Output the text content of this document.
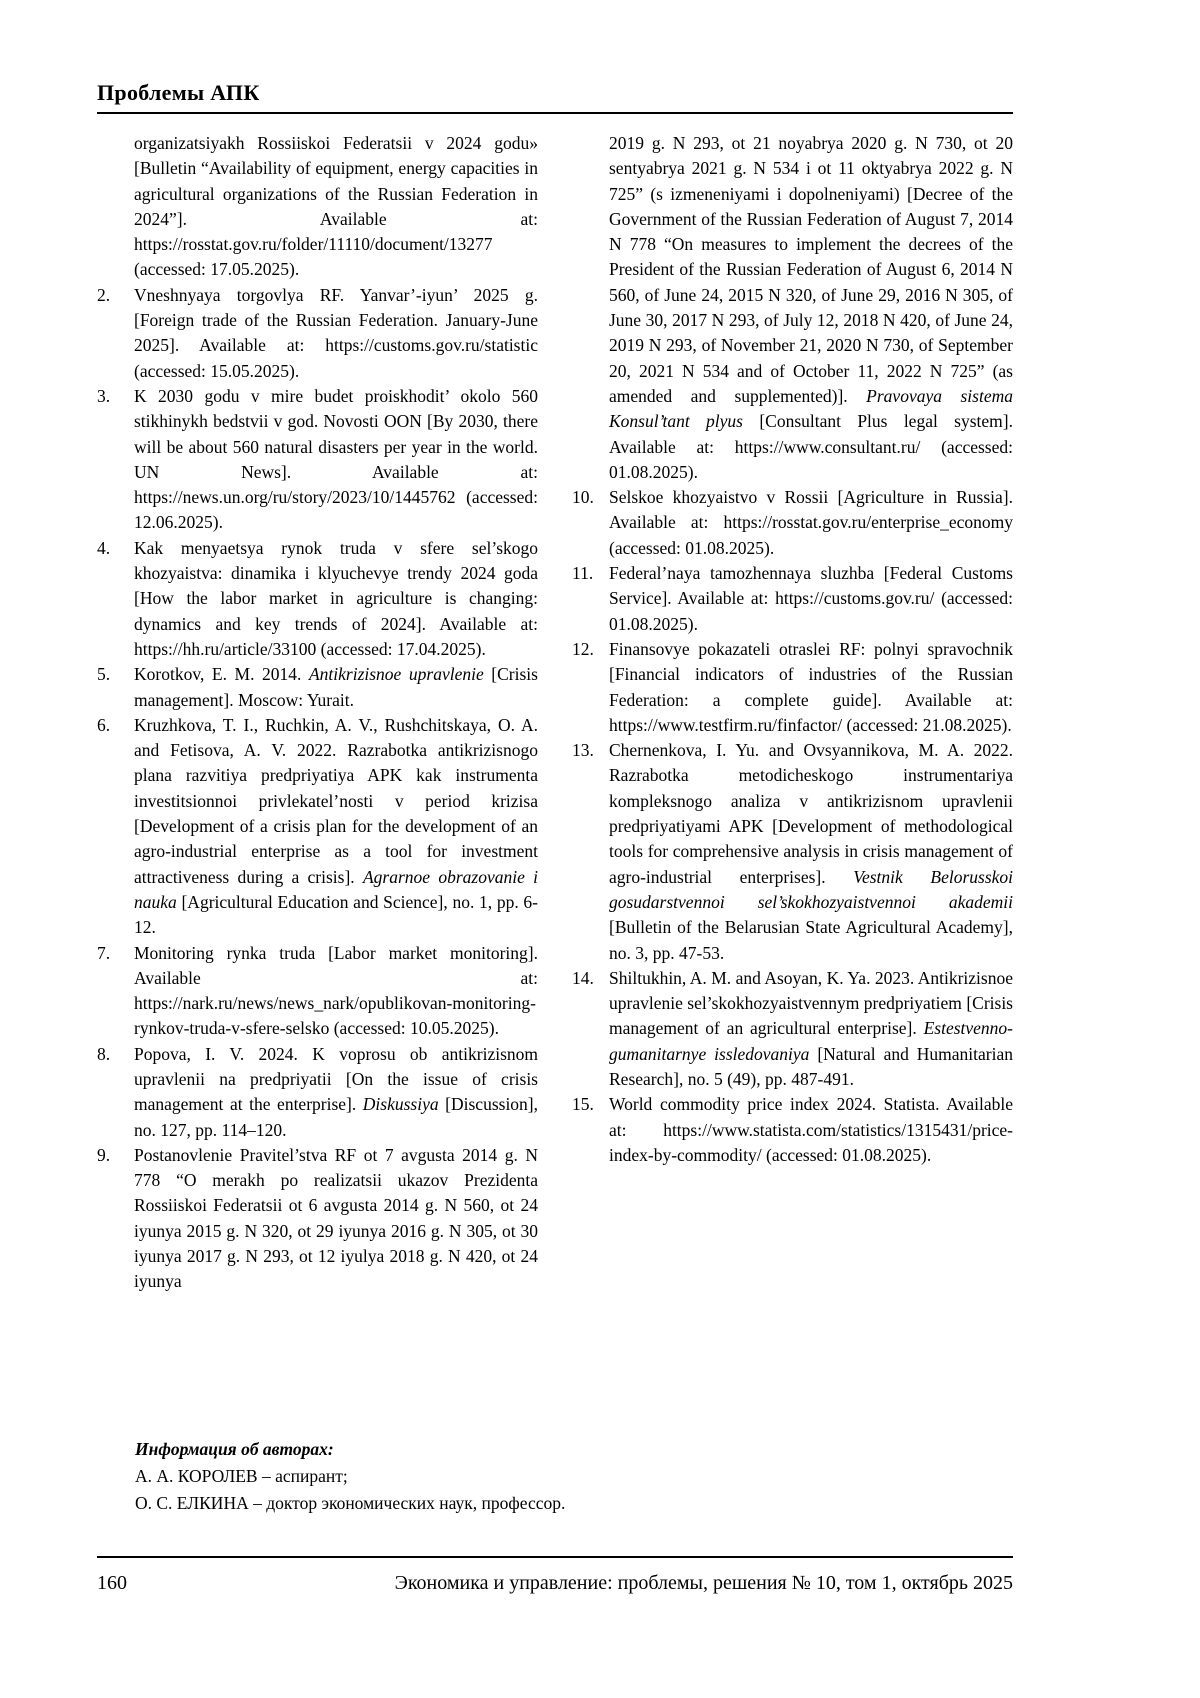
Проблемы АПК
organizatsiyakh Rossiiskoi Federatsii v 2024 godu» [Bulletin “Availability of equipment, energy capacities in agricultural organizations of the Russian Federation in 2024”]. Available at: https://rosstat.gov.ru/folder/11110/document/13277 (accessed: 17.05.2025).
2. Vneshnyaya torgovlya RF. Yanvar’-iyun’ 2025 g. [Foreign trade of the Russian Federation. January-June 2025]. Available at: https://customs.gov.ru/statistic (accessed: 15.05.2025).
3. K 2030 godu v mire budet proiskhodit’ okolo 560 stikhinykh bedstvii v god. Novosti OON [By 2030, there will be about 560 natural disasters per year in the world. UN News]. Available at: https://news.un.org/ru/story/2023/10/1445762 (accessed: 12.06.2025).
4. Kak menyaetsya rynok truda v sfere sel’skogo khozyaistva: dinamika i klyuchevye trendy 2024 goda [How the labor market in agriculture is changing: dynamics and key trends of 2024]. Available at: https://hh.ru/article/33100 (accessed: 17.04.2025).
5. Korotkov, E. M. 2014. Antikrizisnoe upravlenie [Crisis management]. Moscow: Yurait.
6. Kruzhkova, T. I., Ruchkin, A. V., Rushchitskaya, O. A. and Fetisova, A. V. 2022. Razrabotka antikrizisnogo plana razvitiya predpriyatiya APK kak instrumenta investitsionnoi privlekatel’nosti v period krizisa [Development of a crisis plan for the development of an agro-industrial enterprise as a tool for investment attractiveness during a crisis]. Agrarnoe obrazovanie i nauka [Agricultural Education and Science], no. 1, pp. 6-12.
7. Monitoring rynka truda [Labor market monitoring]. Available at: https://nark.ru/news/news_nark/opublikovan-monitoring-rynkov-truda-v-sfere-selsko (accessed: 10.05.2025).
8. Popova, I. V. 2024. K voprosu ob antikrizisnom upravlenii na predpriyatii [On the issue of crisis management at the enterprise]. Diskussiya [Discussion], no. 127, pp. 114–120.
9. Postanovlenie Pravitel’stva RF ot 7 avgusta 2014 g. N 778 “O merakh po realizatsii ukazov Prezidenta Rossiiskoi Federatsii ot 6 avgusta 2014 g. N 560, ot 24 iyunya 2015 g. N 320, ot 29 iyunya 2016 g. N 305, ot 30 iyunya 2017 g. N 293, ot 12 iyulya 2018 g. N 420, ot 24 iyunya
2019 g. N 293, ot 21 noyabrya 2020 g. N 730, ot 20 sentyabrya 2021 g. N 534 i ot 11 oktyabrya 2022 g. N 725” (s izmeneniyami i dopolneniyami) [Decree of the Government of the Russian Federation of August 7, 2014 N 778 “On measures to implement the decrees of the President of the Russian Federation of August 6, 2014 N 560, of June 24, 2015 N 320, of June 29, 2016 N 305, of June 30, 2017 N 293, of July 12, 2018 N 420, of June 24, 2019 N 293, of November 21, 2020 N 730, of September 20, 2021 N 534 and of October 11, 2022 N 725” (as amended and supplemented)]. Pravovaya sistema Konsul’tant plyus [Consultant Plus legal system]. Available at: https://www.consultant.ru/ (accessed: 01.08.2025).
10. Selskoe khozyaistvo v Rossii [Agriculture in Russia]. Available at: https://rosstat.gov.ru/enterprise_economy (accessed: 01.08.2025).
11. Federal’naya tamozhennaya sluzhba [Federal Customs Service]. Available at: https://customs.gov.ru/ (accessed: 01.08.2025).
12. Finansovye pokazateli otraslei RF: polnyi spravochnik [Financial indicators of industries of the Russian Federation: a complete guide]. Available at: https://www.testfirm.ru/finfactor/ (accessed: 21.08.2025).
13. Chernenkova, I. Yu. and Ovsyannikova, M. A. 2022. Razrabotka metodicheskogo instrumentariya kompleksnogo analiza v antikrizisnom upravlenii predpriyatiyami APK [Development of methodological tools for comprehensive analysis in crisis management of agro-industrial enterprises]. Vestnik Belorusskoi gosudarstvennoi sel’skokhozyaistvennoi akademii [Bulletin of the Belarusian State Agricultural Academy], no. 3, pp. 47-53.
14. Shiltukhin, A. M. and Asoyan, K. Ya. 2023. Antikrizisnoe upravlenie sel’skokhozyaistvennym predpriyatiem [Crisis management of an agricultural enterprise]. Estestvenno-gumanitarnye issledovaniya [Natural and Humanitarian Research], no. 5 (49), pp. 487-491.
15. World commodity price index 2024. Statista. Available at: https://www.statista.com/statistics/1315431/price-index-by-commodity/ (accessed: 01.08.2025).
Информация об авторах:
А. А. КОРОЛЕВ – аспирант;
О. С. ЕЛКИНА – доктор экономических наук, профессор.
160	Экономика и управление: проблемы, решения № 10, том 1, октябрь 2025
